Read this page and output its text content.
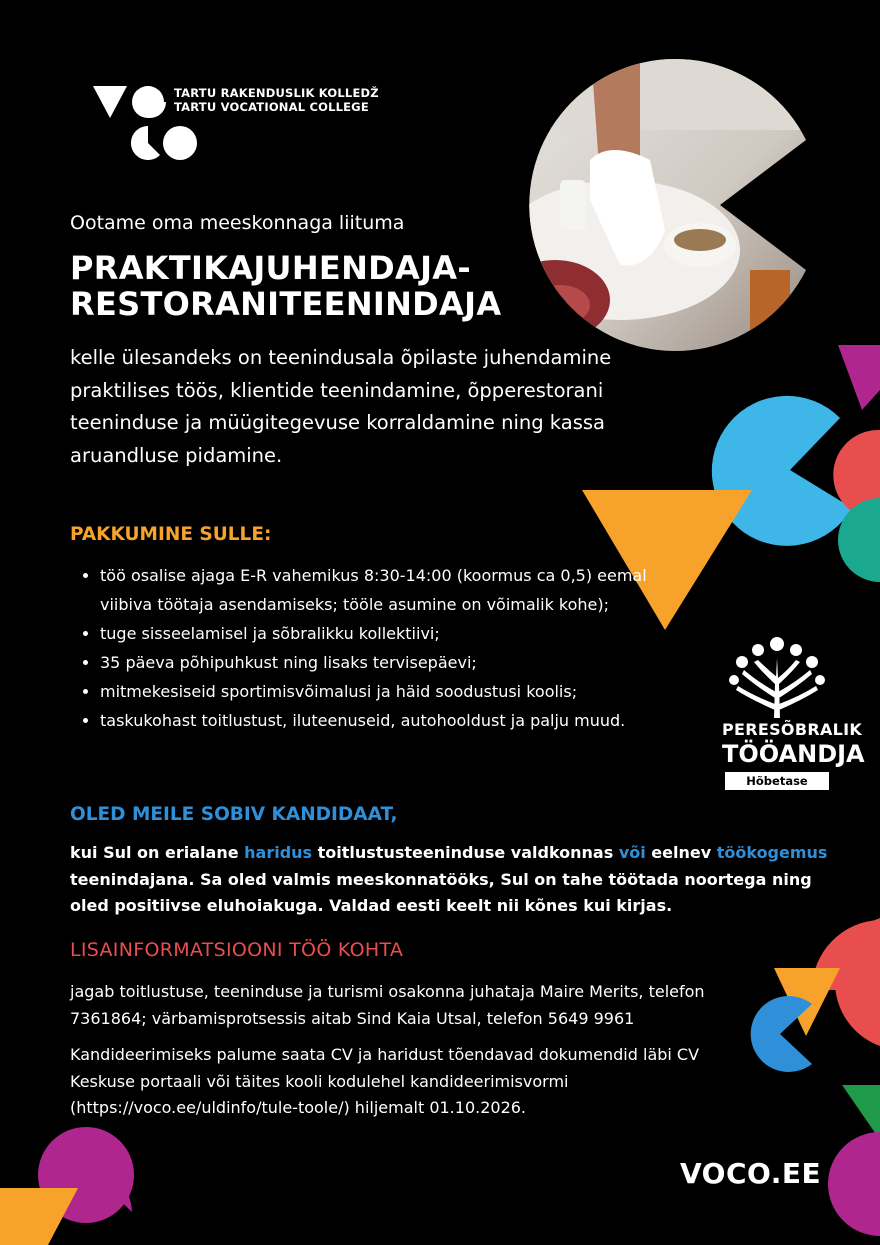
TARTU RAKENDUSLIK KOLLEDŽ
TARTU VOCATIONAL COLLEGE
Ootame oma meeskonnaga liituma
PRAKTIKAJUHENDAJA-
RESTORANITEENINDAJA
kelle ülesandeks on teenindusala õpilaste juhendamine praktilises töös, klientide teenindamine, õpperestorani teeninduse ja müügitegevuse korraldamine ning kassa aruandluse pidamine.
PAKKUMINE SULLE:
• töö osalise ajaga E-R vahemikus 8:30-14:00 (koormus ca 0,5) eemal viibiva töötaja asendamiseks; tööle asumine on võimalik kohe);
• tuge sisseelamisel ja sõbralikku kollektiivi;
• 35 päeva põhipuhkust ning lisaks tervisepäevi;
• mitmekesiseid sportimisvõimalusi ja häid soodustusi koolis;
• taskukohast toitlustust, iluteenuseid, autohooldust ja palju muud.	PERESÕBRALIK
TÖÖANDJA
Hõbetase
OLED MEILE SOBIV KANDIDAAT,
kui Sul on erialane haridus toitlustusteeninduse valdkonnas või eelnev töökogemus teenindajana. Sa oled valmis meeskonnatööks, Sul on tahe töötada noortega ning oled positiivse eluhoiakuga. Valdad eesti keelt nii kõnes kui kirjas.
LISAINFORMATSIOONI TÖÖ KOHTA
jagab toitlustuse, teeninduse ja turismi osakonna juhataja Maire Merits, telefon 7361864; värbamisprotsessis aitab Sind Kaia Utsal, telefon 5649 9961
Kandideerimiseks palume saata CV ja haridust tõendavad dokumendid läbi CV Keskuse portaali või täites kooli kodulehel kandideerimisvormi (https://voco.ee/uldinfo/tule-toole/) hiljemalt 01.10.2026.
VOCO.EE
